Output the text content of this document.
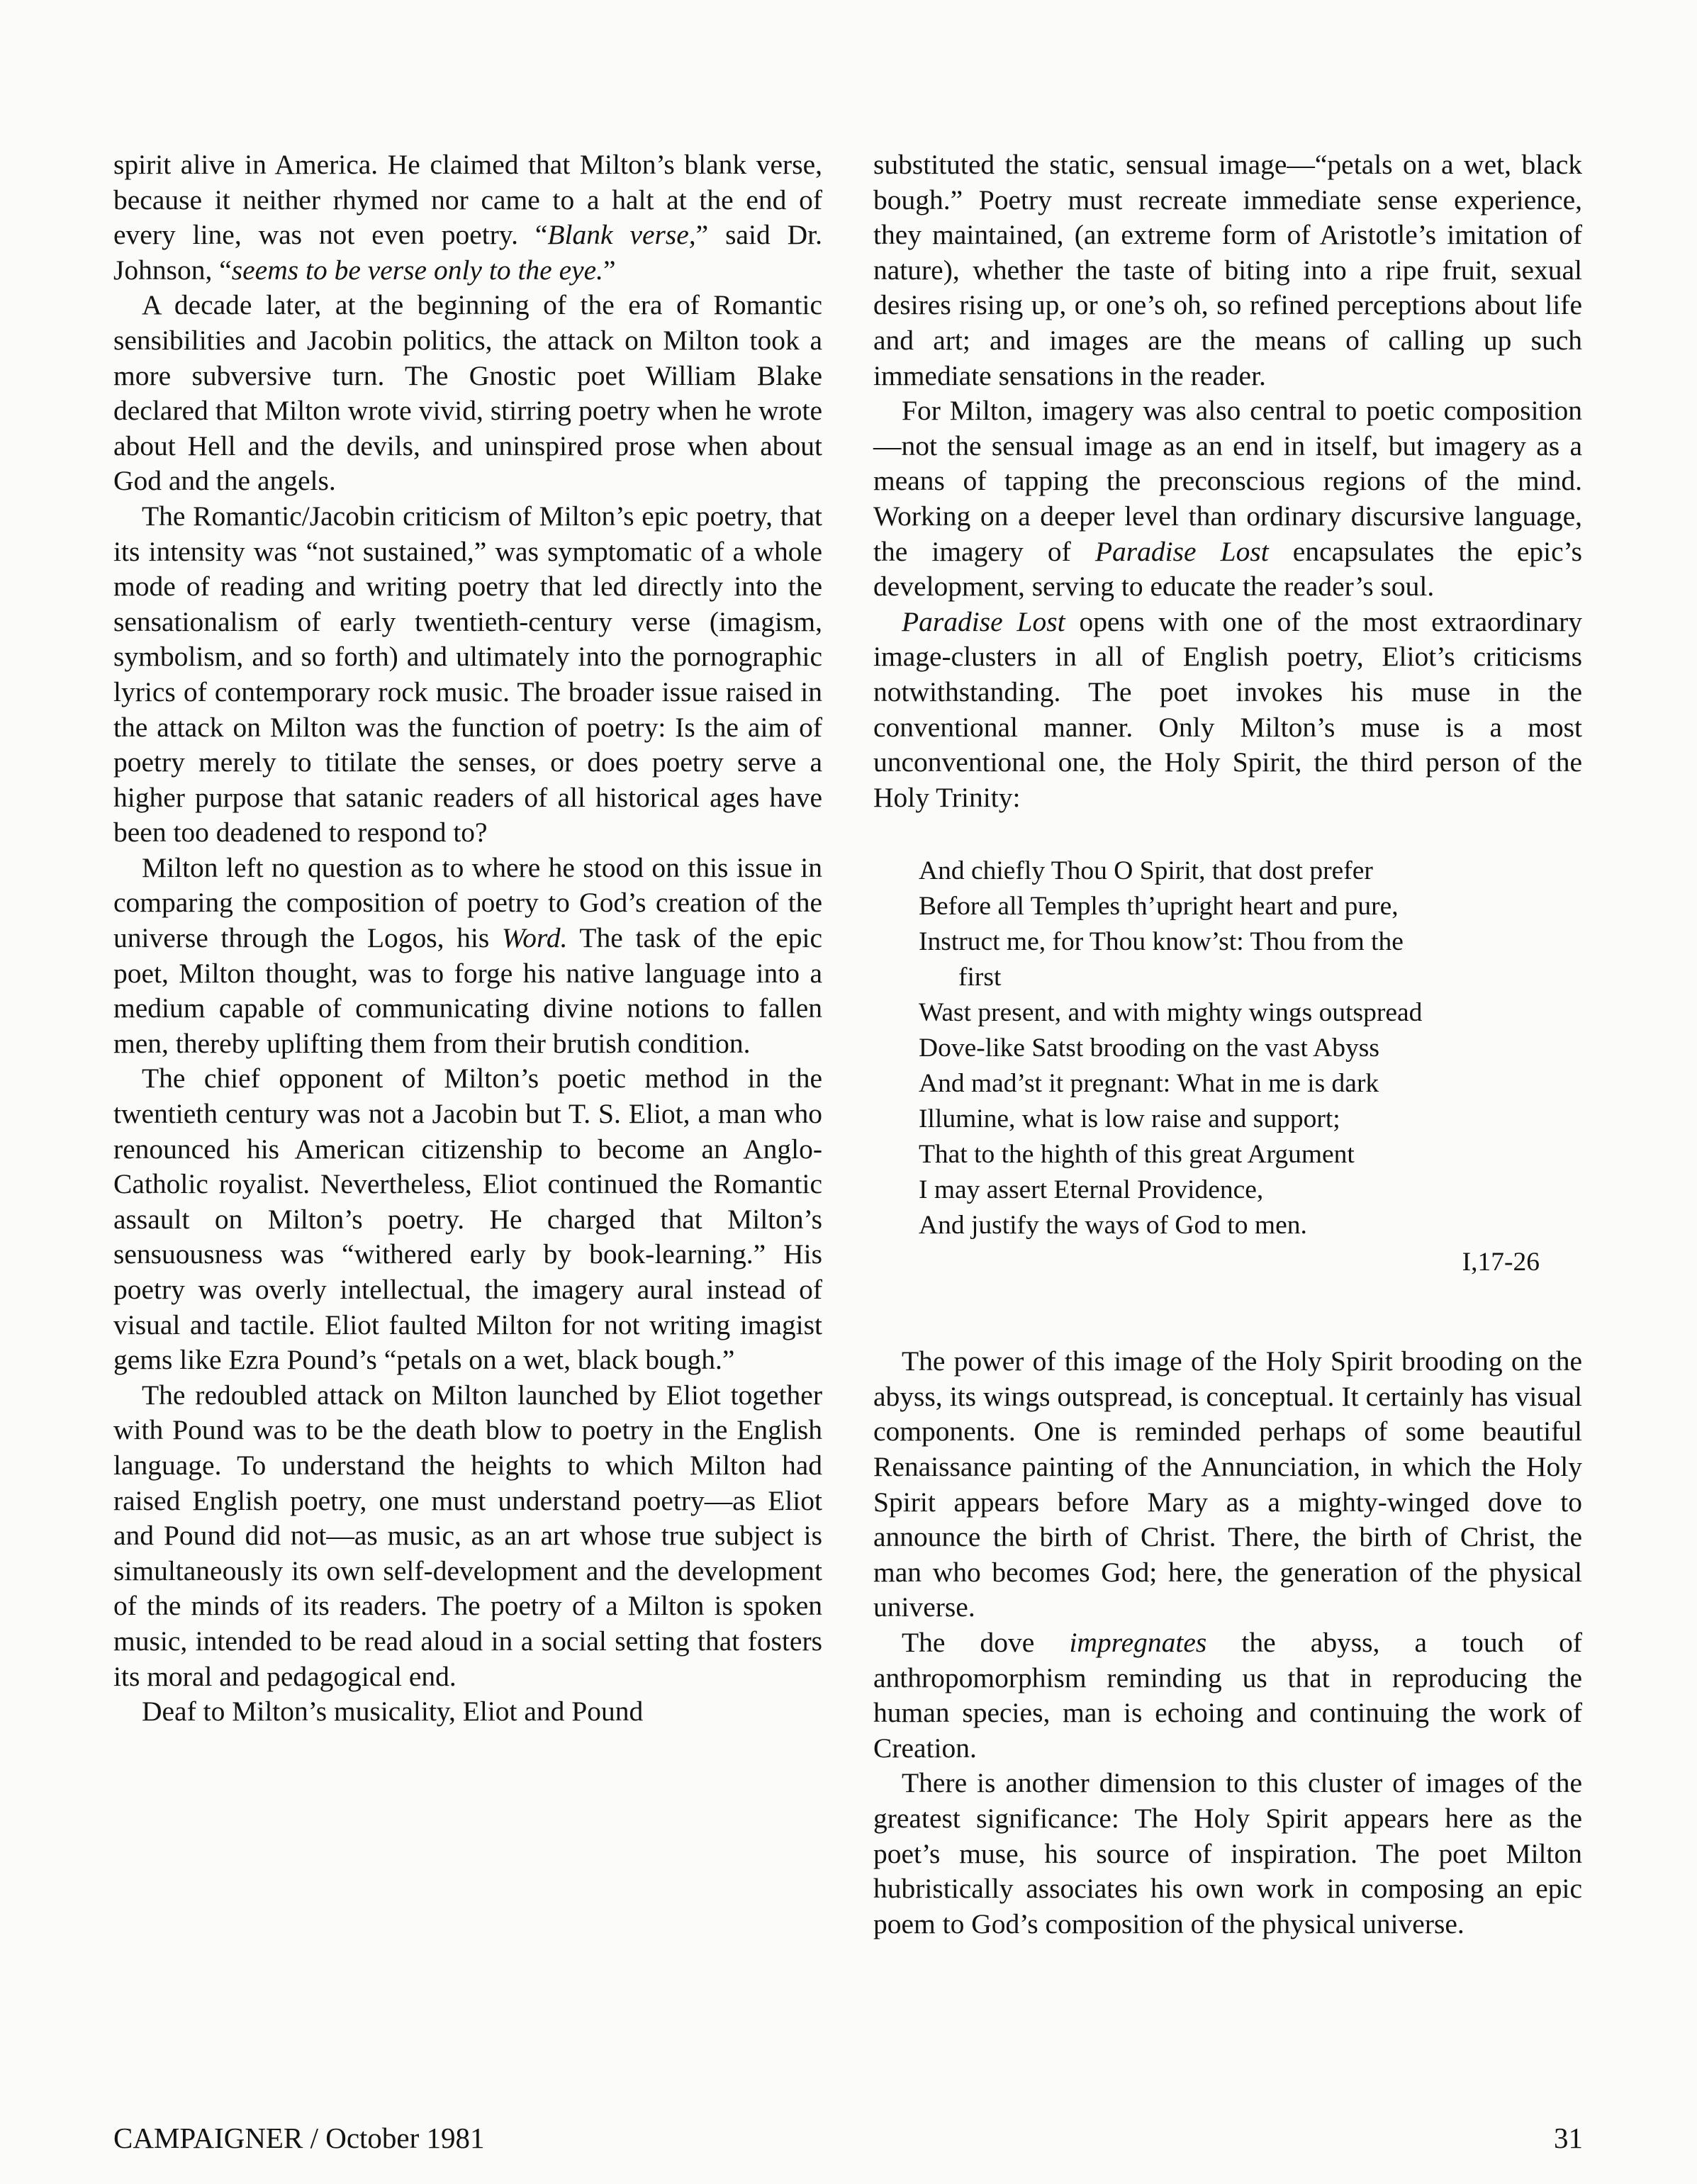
spirit alive in America. He claimed that Milton’s blank verse, because it neither rhymed nor came to a halt at the end of every line, was not even poetry. “Blank verse,” said Dr. Johnson, “seems to be verse only to the eye.”

A decade later, at the beginning of the era of Romantic sensibilities and Jacobin politics, the attack on Milton took a more subversive turn. The Gnostic poet William Blake declared that Milton wrote vivid, stirring poetry when he wrote about Hell and the devils, and uninspired prose when about God and the angels.

The Romantic/Jacobin criticism of Milton’s epic poetry, that its intensity was “not sustained,” was symptomatic of a whole mode of reading and writing poetry that led directly into the sensationalism of early twentieth-century verse (imagism, symbolism, and so forth) and ultimately into the pornographic lyrics of contemporary rock music. The broader issue raised in the attack on Milton was the function of poetry: Is the aim of poetry merely to titilate the senses, or does poetry serve a higher purpose that satanic readers of all historical ages have been too deadened to respond to?

Milton left no question as to where he stood on this issue in comparing the composition of poetry to God’s creation of the universe through the Logos, his Word. The task of the epic poet, Milton thought, was to forge his native language into a medium capable of communicating divine notions to fallen men, thereby uplifting them from their brutish condition.

The chief opponent of Milton’s poetic method in the twentieth century was not a Jacobin but T. S. Eliot, a man who renounced his American citizenship to become an Anglo-Catholic royalist. Nevertheless, Eliot continued the Romantic assault on Milton’s poetry. He charged that Milton’s sensuousness was “withered early by book-learning.” His poetry was overly intellectual, the imagery aural instead of visual and tactile. Eliot faulted Milton for not writing imagist gems like Ezra Pound’s “petals on a wet, black bough.”

The redoubled attack on Milton launched by Eliot together with Pound was to be the death blow to poetry in the English language. To understand the heights to which Milton had raised English poetry, one must understand poetry—as Eliot and Pound did not—as music, as an art whose true subject is simultaneously its own self-development and the development of the minds of its readers. The poetry of a Milton is spoken music, intended to be read aloud in a social setting that fosters its moral and pedagogical end.

Deaf to Milton’s musicality, Eliot and Pound

substituted the static, sensual image—“petals on a wet, black bough.” Poetry must recreate immediate sense experience, they maintained, (an extreme form of Aristotle’s imitation of nature), whether the taste of biting into a ripe fruit, sexual desires rising up, or one’s oh, so refined perceptions about life and art; and images are the means of calling up such immediate sensations in the reader.

For Milton, imagery was also central to poetic composition—not the sensual image as an end in itself, but imagery as a means of tapping the preconscious regions of the mind. Working on a deeper level than ordinary discursive language, the imagery of Paradise Lost encapsulates the epic’s development, serving to educate the reader’s soul.

Paradise Lost opens with one of the most extraordinary image-clusters in all of English poetry, Eliot’s criticisms notwithstanding. The poet invokes his muse in the conventional manner. Only Milton’s muse is a most unconventional one, the Holy Spirit, the third person of the Holy Trinity:

And chiefly Thou O Spirit, that dost prefer
Before all Temples th’upright heart and pure,
Instruct me, for Thou know’st: Thou from the
first
Wast present, and with mighty wings outspread
Dove-like Satst brooding on the vast Abyss
And mad’st it pregnant: What in me is dark
Illumine, what is low raise and support;
That to the highth of this great Argument
I may assert Eternal Providence,
And justify the ways of God to men.
I,17-26

The power of this image of the Holy Spirit brooding on the abyss, its wings outspread, is conceptual. It certainly has visual components. One is reminded perhaps of some beautiful Renaissance painting of the Annunciation, in which the Holy Spirit appears before Mary as a mighty-winged dove to announce the birth of Christ. There, the birth of Christ, the man who becomes God; here, the generation of the physical universe.

The dove impregnates the abyss, a touch of anthropomorphism reminding us that in reproducing the human species, man is echoing and continuing the work of Creation.

There is another dimension to this cluster of images of the greatest significance: The Holy Spirit appears here as the poet’s muse, his source of inspiration. The poet Milton hubristically associates his own work in composing an epic poem to God’s composition of the physical universe.

CAMPAIGNER / October 1981	31
